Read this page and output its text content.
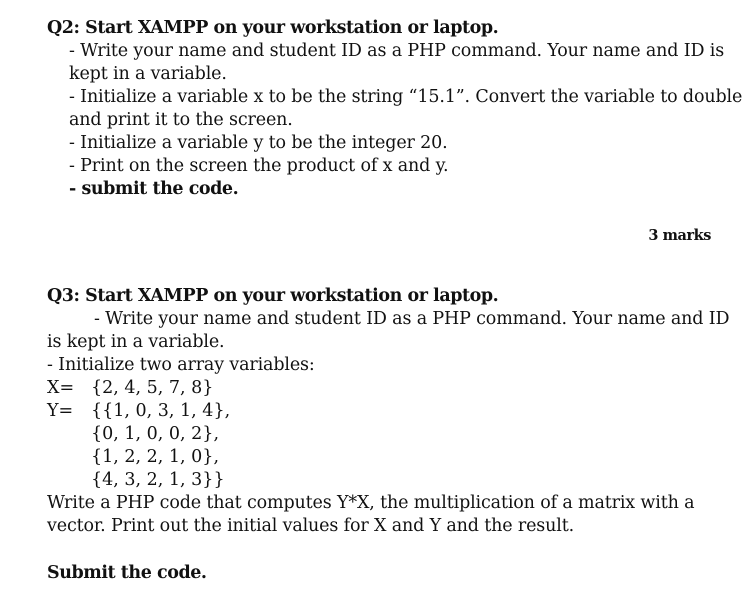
Q2: Start XAMPP on your workstation or laptop.
- Write your name and student ID as a PHP command. Your name and ID is
kept in a variable.
- Initialize a variable x to be the string “15.1”. Convert the variable to double
and print it to the screen.
- Initialize a variable y to be the integer 20.
- Print on the screen the product of x and y.
- submit the code.
3 marks
Q3: Start XAMPP on your workstation or laptop.
- Write your name and student ID as a PHP command. Your name and ID
is kept in a variable.
- Initialize two array variables:
X= {2, 4, 5, 7, 8}
Y= {{1, 0, 3, 1, 4},
{0, 1, 0, 0, 2},
{1, 2, 2, 1, 0},
{4, 3, 2, 1, 3}}
Write a PHP code that computes Y*X, the multiplication of a matrix with a
vector. Print out the initial values for X and Y and the result.
Submit the code.
